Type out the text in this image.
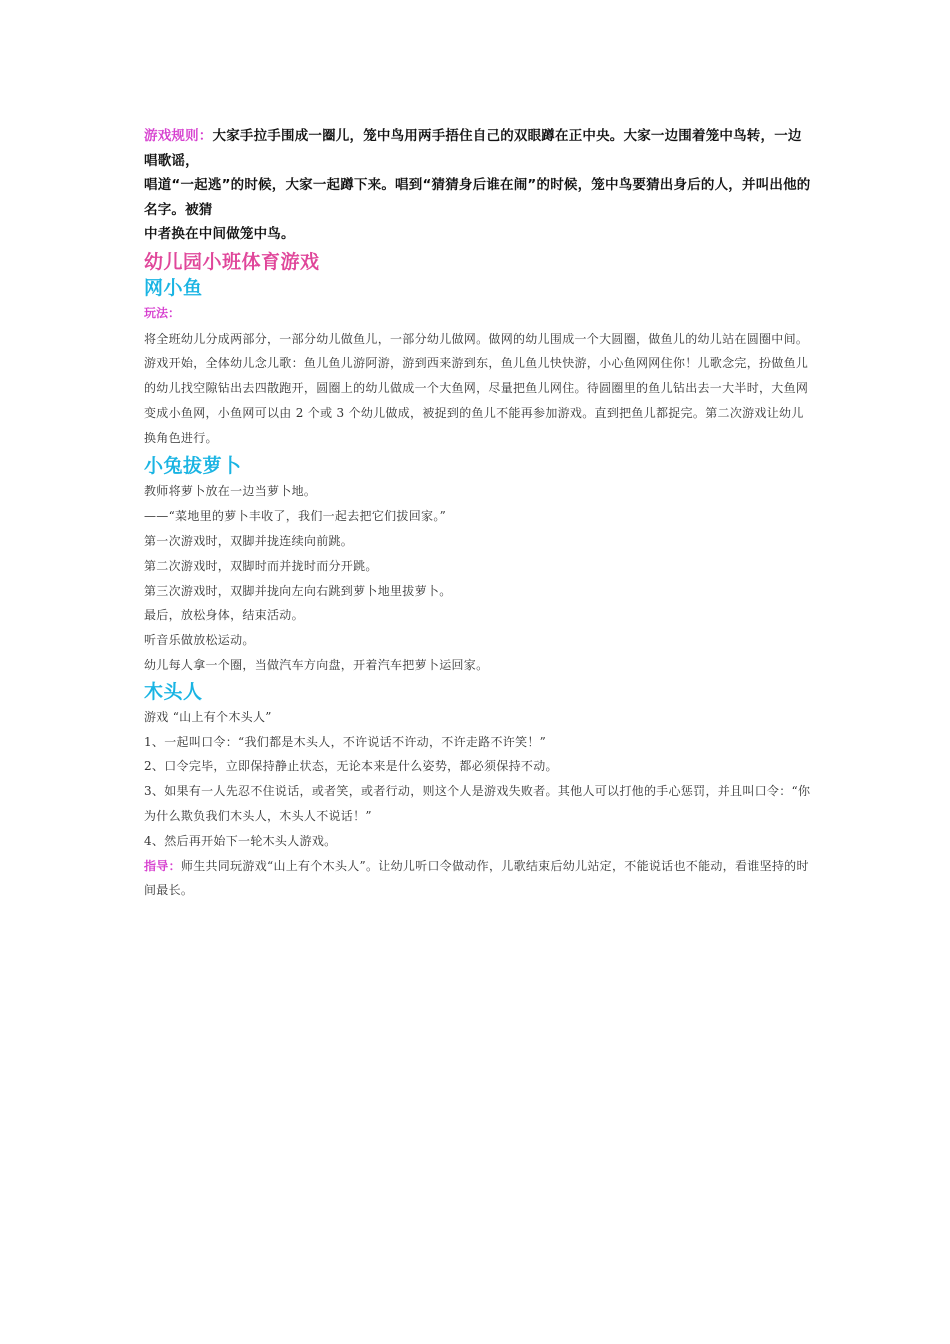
游戏规则：大家手拉手围成一圈儿，笼中鸟用两手捂住自己的双眼蹲在正中央。大家一边围着笼中鸟转，一边唱歌谣，

唱道“一起逃”的时候，大家一起蹲下来。唱到“猜猜身后谁在闹”的时候，笼中鸟要猜出身后的人，并叫出他的名字。被猜

中者换在中间做笼中鸟。

幼儿园小班体育游戏
网小鱼
玩法：

将全班幼儿分成两部分，一部分幼儿做鱼儿，一部分幼儿做网。做网的幼儿围成一个大圆圈，做鱼儿的幼儿站在圆圈中间。游戏开始，全体幼儿念儿歌：鱼儿鱼儿游阿游，游到西来游到东，鱼儿鱼儿快快游，小心鱼网网住你！儿歌念完，扮做鱼儿的幼儿找空隙钻出去四散跑开，圆圈上的幼儿做成一个大鱼网，尽量把鱼儿网住。待圆圈里的鱼儿钻出去一大半时，大鱼网变成小鱼网，小鱼网可以由 2 个或 3 个幼儿做成，被捉到的鱼儿不能再参加游戏。直到把鱼儿都捉完。第二次游戏让幼儿换角色进行。

小兔拔萝卜

教师将萝卜放在一边当萝卜地。

——“菜地里的萝卜丰收了，我们一起去把它们拔回家。”

第一次游戏时，双脚并拢连续向前跳。

第二次游戏时，双脚时而并拢时而分开跳。

第三次游戏时，双脚并拢向左向右跳到萝卜地里拔萝卜。

最后，放松身体，结束活动。

听音乐做放松运动。

幼儿每人拿一个圈，当做汽车方向盘，开着汽车把萝卜运回家。

木头人

游戏 “山上有个木头人”

1、一起叫口令：“我们都是木头人，不许说话不许动，不许走路不许笑！”

2、口令完毕，立即保持静止状态，无论本来是什么姿势，都必须保持不动。

3、如果有一人先忍不住说话，或者笑，或者行动，则这个人是游戏失败者。其他人可以打他的手心惩罚，并且叫口令：“你为什么欺负我们木头人，木头人不说话！”

4、然后再开始下一轮木头人游戏。

指导：师生共同玩游戏“山上有个木头人”。让幼儿听口令做动作，儿歌结束后幼儿站定，不能说话也不能动，看谁坚持的时间最长。
